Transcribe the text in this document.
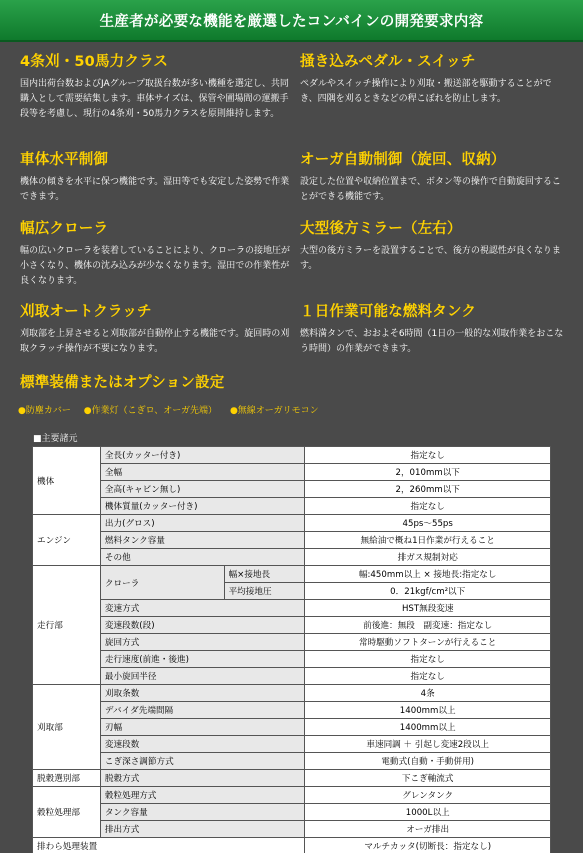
生産者が必要な機能を厳選したコンバインの開発要求内容
4条刈・50馬力クラス
国内出荷台数およびJAグループ取扱台数が多い機種を選定し、共同購入として需要結集します。車体サイズは、保管や圃場間の運搬手段等を考慮し、現行の4条刈・50馬力クラスを原則維持します。
掻き込みペダル・スイッチ
ペダルやスイッチ操作により刈取・搬送部を駆動することができ、四隅を刈るときなどの稈こぼれを防止します。
車体水平制御
機体の傾きを水平に保つ機能です。湿田等でも安定した姿勢で作業できます。
オーガ自動制御（旋回、収納）
設定した位置や収納位置まで、ボタン等の操作で自動旋回することができる機能です。
幅広クローラ
幅の広いクローラを装着していることにより、クローラの接地圧が小さくなり、機体の沈み込みが少なくなります。湿田での作業性が良くなります。
大型後方ミラー（左右）
大型の後方ミラーを設置することで、後方の視認性が良くなります。
刈取オートクラッチ
刈取部を上昇させると刈取部が自動停止する機能です。旋回時の刈取クラッチ操作が不要になります。
１日作業可能な燃料タンク
燃料満タンで、おおよそ6時間（1日の一般的な刈取作業をおこなう時間）の作業ができます。
標準装備またはオプション設定
●防塵カバー ●作業灯（こぎロ、オーガ先端） ●無線オーガリモコン
■主要諸元
機体	全長(カッター付き)		指定なし
	全幅		2，010mm以下
	全高(キャビン無し)		2，260mm以下
	機体質量(カッター付き)		指定なし
エンジン	出力(グロス)		45ps～55ps
	燃料タンク容量		無給油で概ね1日作業が行えること
	その他		排ガス規制対応
走行部	クローラ	幅×接地長	幅:450mm以上 × 接地長:指定なし
		平均接地圧	0．21kgf/cm²以下
	変速方式		HST無段変速
	変速段数(段)		前後進：無段　副変速：指定なし
	旋回方式		常時駆動ソフトターンが行えること
	走行速度(前進・後進)		指定なし
	最小旋回半径		指定なし
刈取部	刈取条数		4条
	デバイダ先端間隔		1400mm以上
	刃幅		1400mm以上
	変速段数		車速同調 ＋ 引起し変速2段以上
	こぎ深さ調節方式		電動式(自動・手動併用)
脱穀選別部	脱穀方式		下こぎ軸流式
穀粒処理部	穀粒処理方式		グレンタンク
	タンク容量		1000L以上
	排出方式		オーガ排出
排わら処理装置			マルチカッタ(切断長：指定なし)
